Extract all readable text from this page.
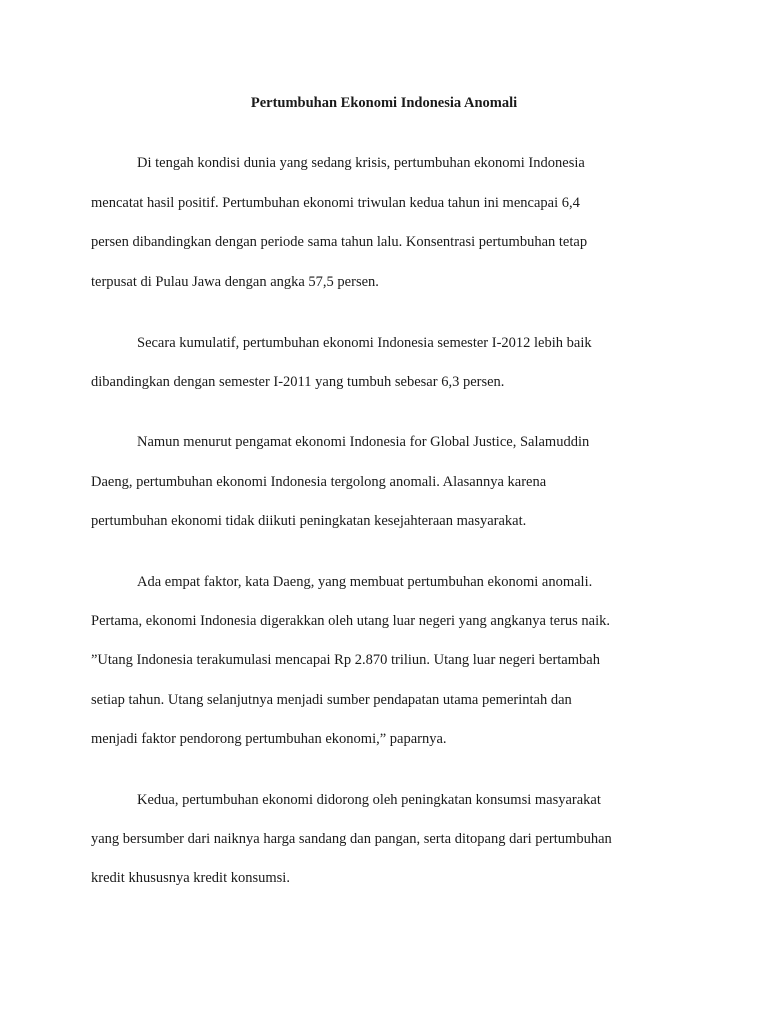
Pertumbuhan Ekonomi Indonesia Anomali

Di tengah kondisi dunia yang sedang krisis, pertumbuhan ekonomi Indonesia

mencatat hasil positif. Pertumbuhan ekonomi triwulan kedua tahun ini mencapai 6,4

persen dibandingkan dengan periode sama tahun lalu. Konsentrasi pertumbuhan tetap

terpusat di Pulau Jawa dengan angka 57,5 persen.

Secara kumulatif, pertumbuhan ekonomi Indonesia semester I-2012 lebih baik

dibandingkan dengan semester I-2011 yang tumbuh sebesar 6,3 persen.

Namun menurut pengamat ekonomi Indonesia for Global Justice, Salamuddin

Daeng, pertumbuhan ekonomi Indonesia tergolong anomali. Alasannya karena

pertumbuhan ekonomi tidak diikuti peningkatan kesejahteraan masyarakat.

Ada empat faktor, kata Daeng, yang membuat pertumbuhan ekonomi anomali.

Pertama, ekonomi Indonesia digerakkan oleh utang luar negeri yang angkanya terus naik.

”Utang Indonesia terakumulasi mencapai Rp 2.870 triliun. Utang luar negeri bertambah

setiap tahun. Utang selanjutnya menjadi sumber pendapatan utama pemerintah dan

menjadi faktor pendorong pertumbuhan ekonomi,” paparnya.

Kedua, pertumbuhan ekonomi didorong oleh peningkatan konsumsi masyarakat

yang bersumber dari naiknya harga sandang dan pangan, serta ditopang dari pertumbuhan

kredit khususnya kredit konsumsi.
